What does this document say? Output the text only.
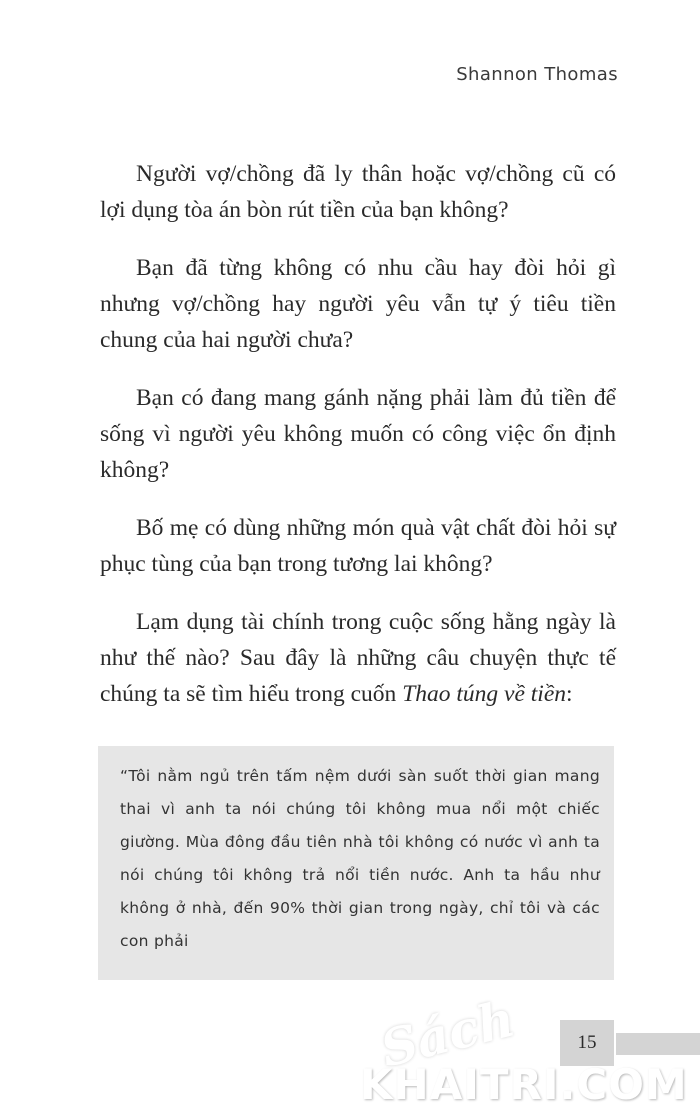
Shannon Thomas

Người vợ/chồng đã ly thân hoặc vợ/chồng cũ có lợi dụng tòa án bòn rút tiền của bạn không?

Bạn đã từng không có nhu cầu hay đòi hỏi gì nhưng vợ/chồng hay người yêu vẫn tự ý tiêu tiền chung của hai người chưa?

Bạn có đang mang gánh nặng phải làm đủ tiền để sống vì người yêu không muốn có công việc ổn định không?

Bố mẹ có dùng những món quà vật chất đòi hỏi sự phục tùng của bạn trong tương lai không?

Lạm dụng tài chính trong cuộc sống hằng ngày là như thế nào? Sau đây là những câu chuyện thực tế chúng ta sẽ tìm hiểu trong cuốn Thao túng về tiền:

“Tôi nằm ngủ trên tấm nệm dưới sàn suốt thời gian mang thai vì anh ta nói chúng tôi không mua nổi một chiếc giường. Mùa đông đầu tiên nhà tôi không có nước vì anh ta nói chúng tôi không trả nổi tiền nước. Anh ta hầu như không ở nhà, đến 90% thời gian trong ngày, chỉ tôi và các con phải

15
Sách
KHAITRI.COM
